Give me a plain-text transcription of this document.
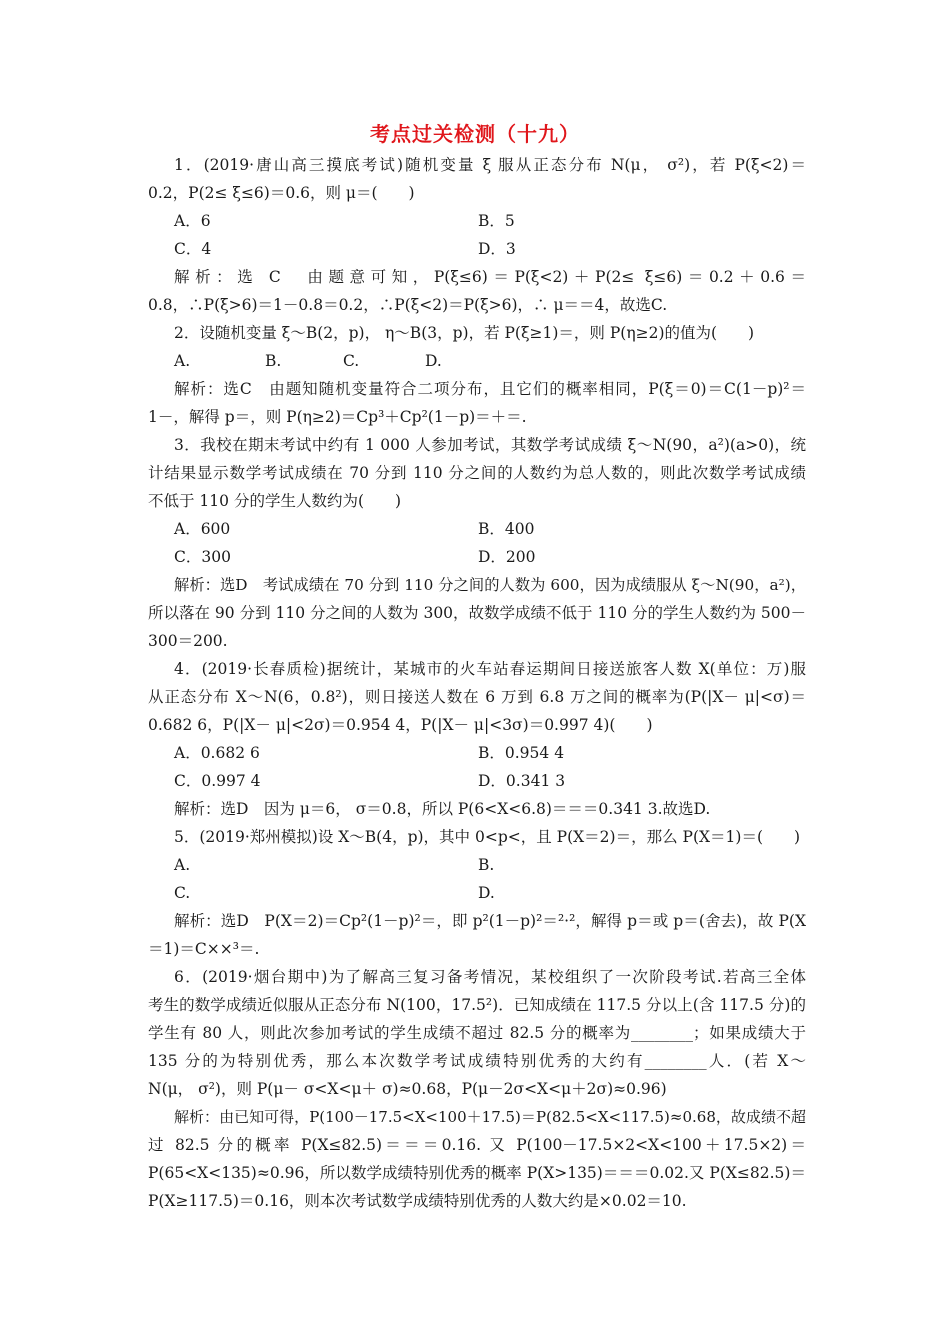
考点过关检测（十九）
1．(2019·唐山高三摸底考试)随机变量 ξ 服从正态分布 N(μ， σ²)，若 P(ξ<2)＝
0.2，P(2≤ ξ≤6)＝0.6，则 μ＝(　　)
A．6	B．5
C．4	D．3
解析：选 C　由题意可知，P(ξ≤6)＝P(ξ<2)＋P(2≤ ξ≤6)＝0.2＋0.6＝
0.8，∴P(ξ>6)＝1－0.8＝0.2，∴P(ξ<2)＝P(ξ>6)，∴ μ＝＝4，故选C.
2．设随机变量 ξ～B(2，p)， η～B(3，p)，若 P(ξ≥1)＝，则 P(η≥2)的值为(　　)
A.	B.	C.	D.
解析：选C　由题知随机变量符合二项分布，且它们的概率相同，P(ξ＝0)＝C(1－p)²＝
1－，解得 p＝，则 P(η≥2)＝Cp³＋Cp²(1－p)＝＋＝.
3．我校在期末考试中约有 1 000 人参加考试，其数学考试成绩 ξ～N(90，a²)(a>0)，统
计结果显示数学考试成绩在 70 分到 110 分之间的人数约为总人数的，则此次数学考试成绩
不低于 110 分的学生人数约为(　　)
A．600	B．400
C．300	D．200
解析：选D　考试成绩在 70 分到 110 分之间的人数为 600，因为成绩服从 ξ～N(90，a²)，
所以落在 90 分到 110 分之间的人数为 300，故数学成绩不低于 110 分的学生人数约为 500－
300＝200.
4．(2019·长春质检)据统计，某城市的火车站春运期间日接送旅客人数 X(单位：万)服
从正态分布 X～N(6，0.8²)，则日接送人数在 6 万到 6.8 万之间的概率为(P(|X－ μ|<σ)＝
0.682 6，P(|X－ μ|<2σ)＝0.954 4，P(|X－ μ|<3σ)＝0.997 4)(　　)
A．0.682 6	B．0.954 4
C．0.997 4	D．0.341 3
解析：选D　因为 μ＝6， σ＝0.8，所以 P(6<X<6.8)＝＝＝0.341 3.故选D.
5．(2019·郑州模拟)设 X～B(4，p)，其中 0<p<，且 P(X＝2)＝，那么 P(X＝1)＝(　　)
A.	B.
C.	D.
解析：选D　P(X＝2)＝Cp²(1－p)²＝，即 p²(1－p)²＝²·²，解得 p＝或 p＝(舍去)，故 P(X
＝1)＝C××³＝.
6．(2019·烟台期中)为了解高三复习备考情况，某校组织了一次阶段考试.若高三全体
考生的数学成绩近似服从正态分布 N(100，17.5²)．已知成绩在 117.5 分以上(含 117.5 分)的
学生有 80 人，则此次参加考试的学生成绩不超过 82.5 分的概率为________；如果成绩大于
135 分的为特别优秀，那么本次数学考试成绩特别优秀的大约有________人．(若 X～
N(μ， σ²)，则 P(μ－ σ<X<μ＋ σ)≈0.68，P(μ－2σ<X<μ＋2σ)≈0.96)
解析：由已知可得，P(100－17.5<X<100＋17.5)＝P(82.5<X<117.5)≈0.68，故成绩不超
过 82.5 分的概率 P(X≤82.5)＝＝＝0.16. 又 P(100－17.5×2<X<100＋17.5×2)＝
P(65<X<135)≈0.96，所以数学成绩特别优秀的概率 P(X>135)＝＝＝0.02.又 P(X≤82.5)＝
P(X≥117.5)＝0.16，则本次考试数学成绩特别优秀的人数大约是×0.02＝10.
